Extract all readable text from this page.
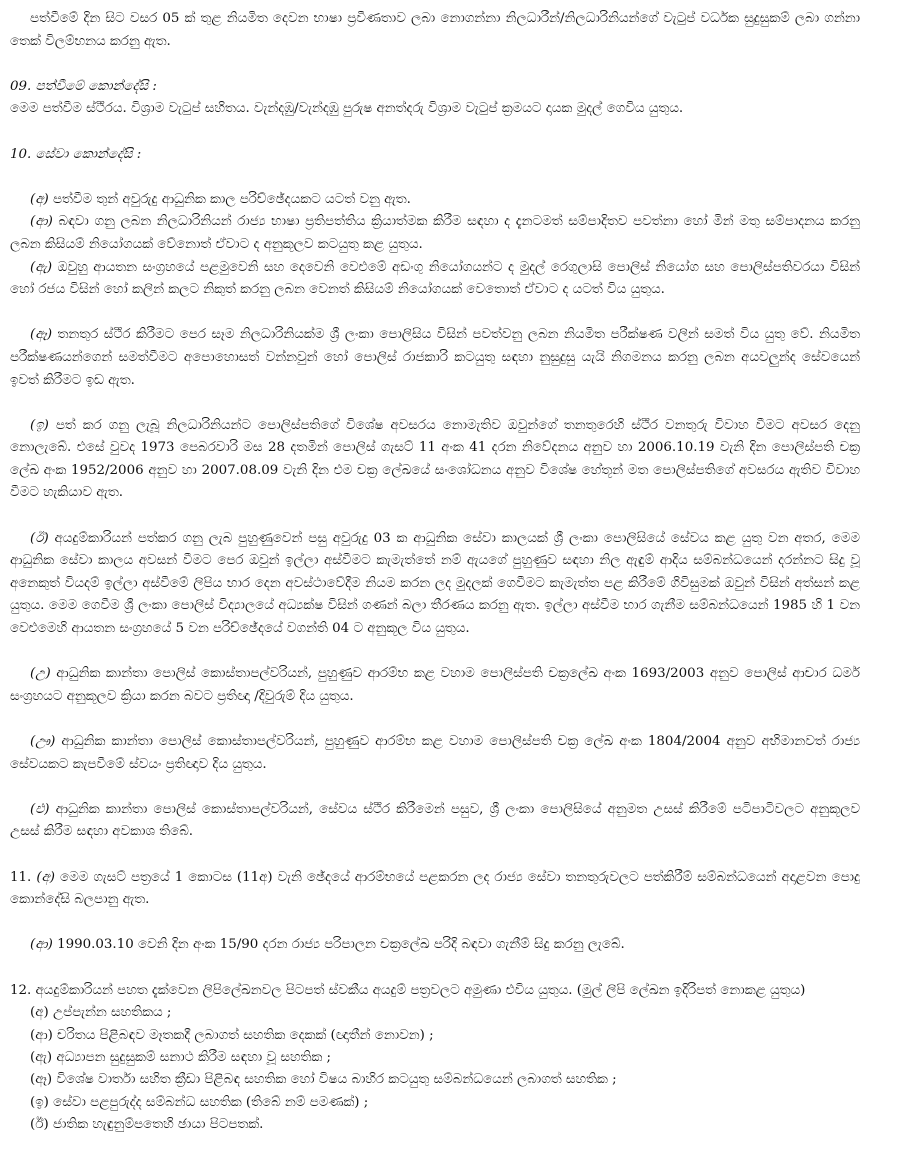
පත්වීමේ දින සිට වසර 05 ක් තුළ නියමිත දෙවන භාෂා ප්‍රවීණතාව ලබා නොගන්නා නිලධාරීන්/නිලධාරිනියන්ගේ වැටුප් වර්ධක සුදුසුකම් ලබා ගන්නා තෙක් විලම්භනය කරනු ඇත.

09. පත්වීමේ කොන්දේසි :

මෙම පත්වීම ස්ථිරය. විශ්‍රාම වැටුප් සහිතය. වැන්දඹු/වැන්දඹු පුරුෂ අනත්දරු විශ්‍රාම වැටුප් ක්‍රමයට දායක මුදල් ගෙවිය යුතුය.

10. සේවා කොන්දේසි :

(අ) පත්වීම තුන් අවුරුදු ආධුනික කාල පරිච්ඡේදයකට යටත් වනු ඇත.

(ආ) බඳවා ගනු ලබන නිලධාරිනියන් රාජ්‍ය භාෂා ප්‍රතිපත්තිය ක්‍රියාත්මක කිරීම සඳහා ද දැනටමත් සම්පාදිතව පවත්නා හෝ මින් මතු සම්පාදනය කරනු ලබන කිසියම් නියෝගයක් වේනොත් ඒවාට ද අනුකූලව කටයුතු කළ යුතුය.

(ඇ) ඔවුහු ආයතන සංග්‍රහයේ පළමුවෙනි සහ දෙවෙනි වෙළුමේ අඩංගු නියෝගයන්ට ද මුදල් රෙගුලාසි පොලිස් නියෝග සහ පොලිස්පතිවරයා විසින් හෝ රජය විසින් හෝ කලින් කලට නිකුත් කරනු ලබන වෙනත් කිසියම් නියෝගයක් වෙතොත් ඒවාට ද යටත් විය යුතුය.

(ඈ) තනතුර ස්ථිර කිරීමට පෙර සෑම නිලධාරිනියක්ම ශ්‍රී ලංකා පොලිසිය විසින් පවත්වනු ලබන නියමිත පරීක්ෂණ වලින් සමත් විය යුතු වේ. නියමිත පරීක්ෂණයන්ගෙන් සමත්වීමට අපොහොසත් වන්නවුන් හෝ පොලිස් රාජකාරි කටයුතු සඳහා නුසුදුසු යැයි නිගමනය කරනු ලබන අයවලුන්ද සේවයෙන් ඉවත් කිරීමට ඉඩ ඇත.

(ඉ) පත් කර ගනු ලැබූ නිලධාරිනියන්ට පොලිස්පතිගේ විශේෂ අවසරය නොමැතිව ඔවුන්ගේ තනතුරෙහි ස්ථිර වනතුරු විවාහ වීමට අවසර දෙනු නොලැබේ. එසේ වුවද 1973 පෙබරවාරි මස 28 දතමින් පොලිස් ගැසට් 11 අංක 41 දරන නිවේදනය අනුව හා 2006.10.19 වැනි දින පොලිස්පති චක්‍ර ලේඛ අංක 1952/2006 අනුව හා 2007.08.09 වැනි දින එම චක්‍ර ලේඛයේ සංශෝධනය අනුව විශේෂ හේතූන් මත පොලිස්පතිගේ අවසරය ඇතිව විවාහ වීමට හැකියාව ඇත.

(ඊ) අයදුම්කාරියන් පත්කර ගනු ලැබ පුහුණුවෙන් පසු අවුරුදු 03 ක ආධුනික සේවා කාලයක් ශ්‍රී ලංකා පොලිසියේ සේවය කළ යුතු වන අතර, මෙම ආධුනික සේවා කාලය අවසන් වීමට පෙර ඔවුන් ඉල්ලා අස්වීමට කැමැත්තේ නම් ඇයගේ පුහුණුව සඳහා නිල ඇඳුම් ආදිය සම්බන්ධයෙන් දරන්නට සිදු වූ අනෙකුත් වියදම් ඉල්ලා අස්වීමේ ලිපිය භාර දෙන අවස්ථාවේදීම නියම කරන ලද මුදලක් ගෙවීමට කැමැත්ත පළ කිරීමේ ගිවිසුමක් ඔවුන් විසින් අත්සන් කළ යුතුය. මෙම ගෙවීම ශ්‍රී ලංකා පොලිස් විද්‍යාලයේ අධ්‍යක්ෂ විසින් ගණන් බලා තීරණය කරනු ඇත. ඉල්ලා අස්වීම භාර ගැනීම සම්බන්ධයෙන් 1985 හි 1 වන වෙළුමෙහි ආයතන සංග්‍රහයේ 5 වන පරිච්ඡේදයේ වගන්ති 04 ට අනුකූල විය යුතුය.

(උ) ආධුනික කාන්තා පොලිස් කොස්තාපල්වරියන්, පුහුණුව ආරම්භ කළ වහාම පොලිස්පති චක්‍රලේඛ අංක 1693/2003 අනුව පොලිස් ආචාර ධර්ම සංග්‍රහයට අනුකූලව ක්‍රියා කරන බවට ප්‍රතිඥා /දිවුරුම් දිය යුතුය.

(ඌ) ආධුනික කාන්තා පොලිස් කොස්තාපල්වරියන්, පුහුණුව ආරම්භ කළ වහාම පොලිස්පති චක්‍ර ලේඛ අංක 1804/2004 අනුව අභිමානවත් රාජ්‍ය සේවයකට කැපවීමේ ස්වයං ප්‍රතිඥාව දිය යුතුය.

(එ) ආධුනික කාන්තා පොලිස් කොස්තාපල්වරියන්, සේවය ස්ථිර කිරීමෙන් පසුව, ශ්‍රී ලංකා පොලිසියේ අනුමත උසස් කිරීමේ පටිපාටිවලට අනුකූලව උසස් කිරීම සඳහා අවකාශ තිබේ.

11. (අ) මෙම ගැසට් පත්‍රයේ 1 කොටස (11අ) වැනි ඡේදයේ ආරම්භයේ පළකරන ලද රාජ්‍ය සේවා තනතුරුවලට පත්කිරීම් සම්බන්ධයෙන් අදාළවන පොදු කොන්දේසි බලපානු ඇත.

(ආ) 1990.03.10 වෙනි දින අංක 15/90 දරන රාජ්‍ය පරිපාලන චක්‍රලේඛ පරිදි බඳවා ගැනීම් සිදු කරනු ලැබේ.

12. අයදුම්කාරියන් පහත දැක්වෙන ලිපිලේඛනවල පිටපත් ස්වකීය අයදුම් පත්‍රවලට අමුණා එවිය යුතුය. (මුල් ලිපි ලේඛන ඉදිරිපත් නොකළ යුතුය)

(අ) උප්පැන්න සහතිකය ;
(ආ) චරිතය පිළිබඳව මෑතකදී ලබාගත් සහතික දෙකක් (ඥාතීන් නොවන) ;
(ඇ) අධ්‍යාපන සුදුසුකම් සනාථ කිරීම සඳහා වූ සහතික ;
(ඈ) විශේෂ වාර්තා සහිත ක්‍රීඩා පිළිබඳ සහතික හෝ විෂය බාහිර කටයුතු සම්බන්ධයෙන් ලබාගත් සහතික ;
(ඉ) සේවා පළපුරුද්ද සම්බන්ධ සහතික (තිබේ නම් පමණක්) ;
(ඊ) ජාතික හැඳුනුම්පතෙහි ඡායා පිටපතක්.
